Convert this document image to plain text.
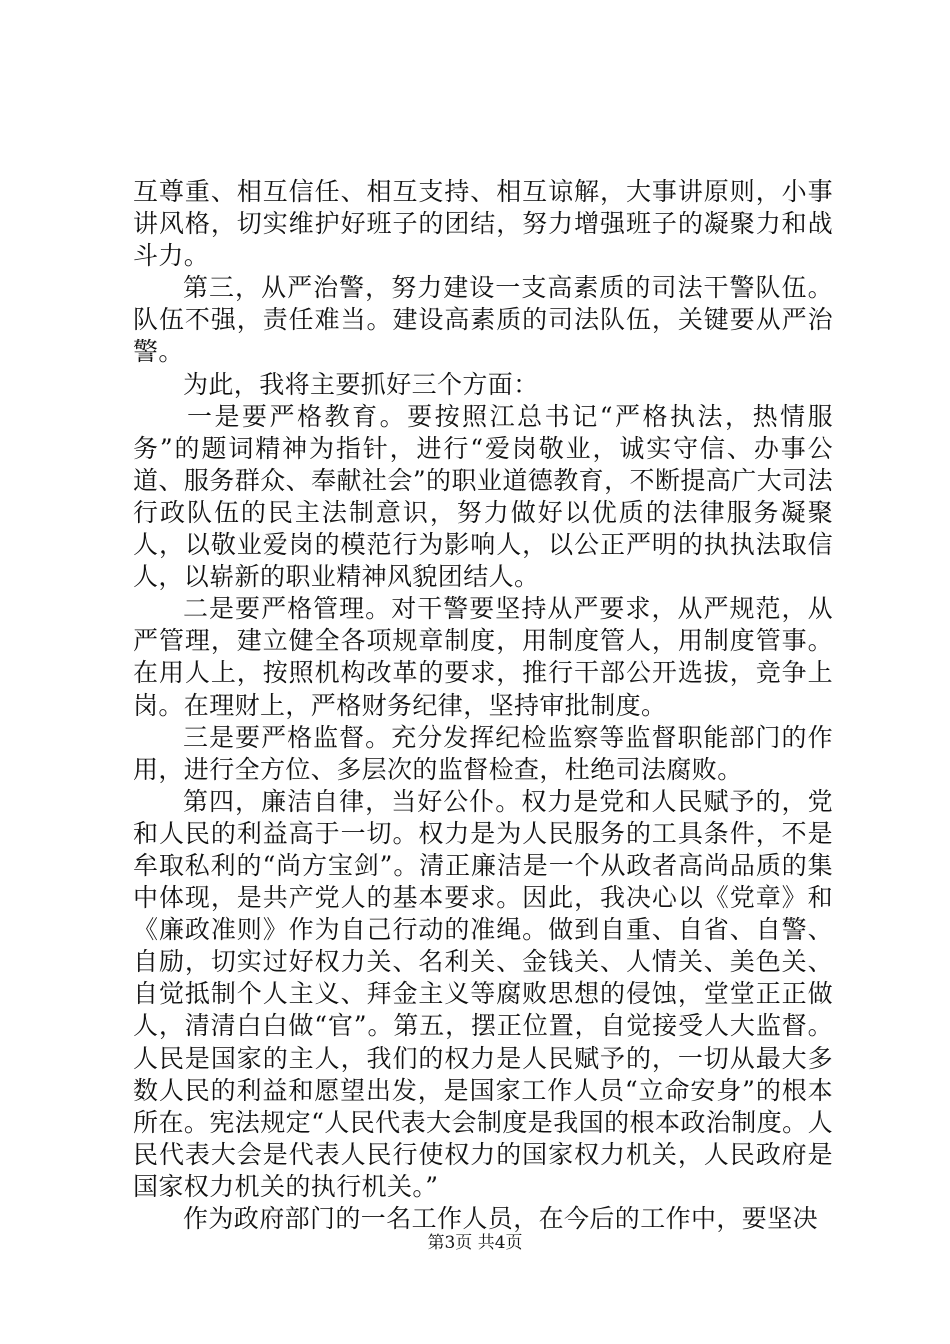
互尊重、相互信任、相互支持、相互谅解，大事讲原则，小事讲风格，切实维护好班子的团结，努力增强班子的凝聚力和战斗力。

第三，从严治警，努力建设一支高素质的司法干警队伍。队伍不强，责任难当。建设高素质的司法队伍，关键要从严治警。

为此，我将主要抓好三个方面：

一是要严格教育。要按照江总书记“严格执法，热情服务”的题词精神为指针，进行“爱岗敬业，诚实守信、办事公道、服务群众、奉献社会”的职业道德教育，不断提高广大司法行政队伍的民主法制意识，努力做好以优质的法律服务凝聚人，以敬业爱岗的模范行为影响人，以公正严明的执执法取信人，以崭新的职业精神风貌团结人。

二是要严格管理。对干警要坚持从严要求，从严规范，从严管理，建立健全各项规章制度，用制度管人，用制度管事。在用人上，按照机构改革的要求，推行干部公开选拔，竞争上岗。在理财上，严格财务纪律，坚持审批制度。

三是要严格监督。充分发挥纪检监察等监督职能部门的作用，进行全方位、多层次的监督检查，杜绝司法腐败。

第四，廉洁自律，当好公仆。权力是党和人民赋予的，党和人民的利益高于一切。权力是为人民服务的工具条件，不是牟取私利的“尚方宝剑”。清正廉洁是一个从政者高尚品质的集中体现，是共产党人的基本要求。因此，我决心以《党章》和《廉政准则》作为自己行动的准绳。做到自重、自省、自警、自励，切实过好权力关、名利关、金钱关、人情关、美色关、自觉抵制个人主义、拜金主义等腐败思想的侵蚀，堂堂正正做人，清清白白做“官”。第五，摆正位置，自觉接受人大监督。人民是国家的主人，我们的权力是人民赋予的，一切从最大多数人民的利益和愿望出发，是国家工作人员“立命安身”的根本所在。宪法规定“人民代表大会制度是我国的根本政治制度。人民代表大会是代表人民行使权力的国家权力机关，人民政府是国家权力机关的执行机关。”

作为政府部门的一名工作人员，在今后的工作中，要坚决

第3页 共4页
